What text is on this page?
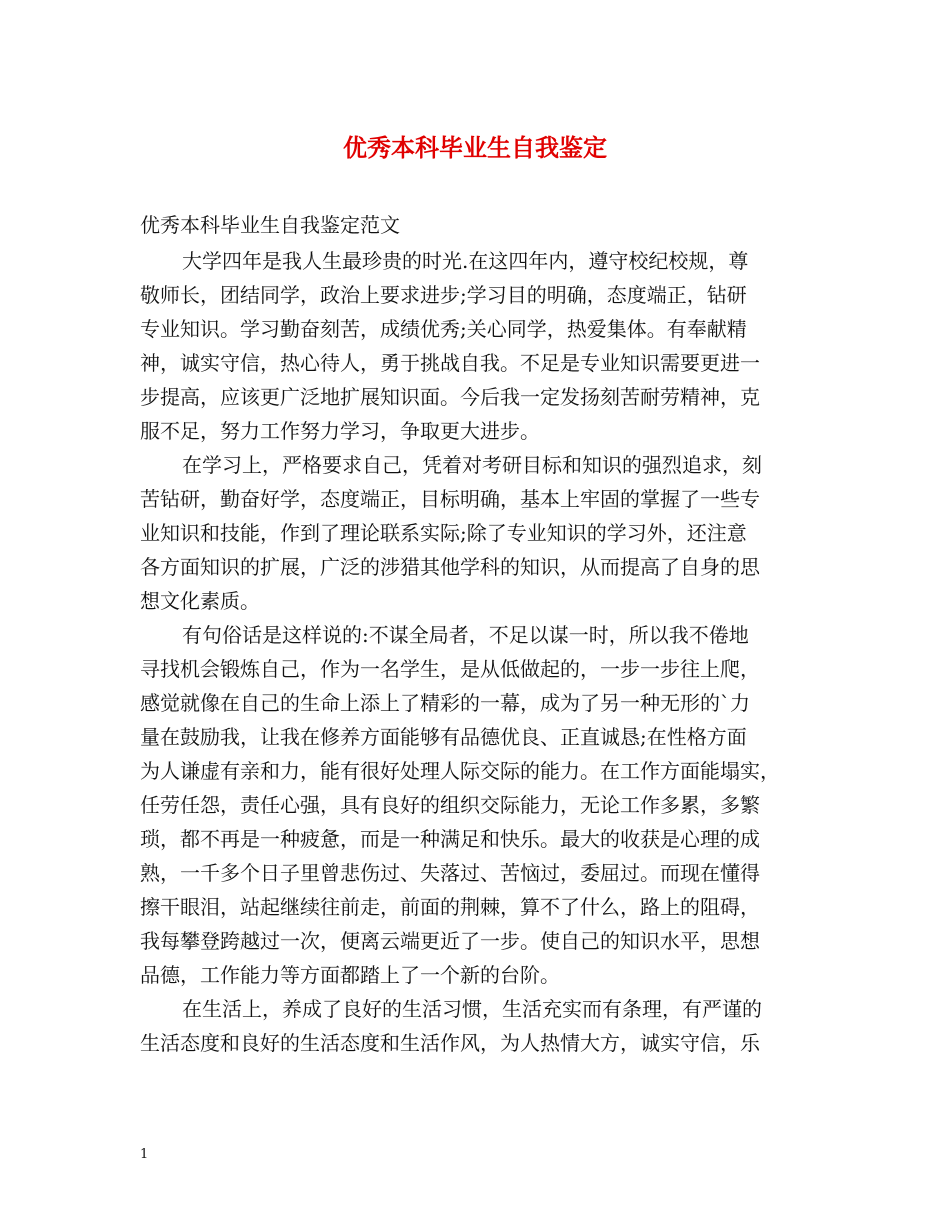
优秀本科毕业生自我鉴定
优秀本科毕业生自我鉴定范文
大学四年是我人生最珍贵的时光.在这四年内，遵守校纪校规，尊
敬师长，团结同学，政治上要求进步;学习目的明确，态度端正，钻研
专业知识。学习勤奋刻苦，成绩优秀;关心同学，热爱集体。有奉献精
神，诚实守信，热心待人，勇于挑战自我。不足是专业知识需要更进一
步提高，应该更广泛地扩展知识面。今后我一定发扬刻苦耐劳精神，克
服不足，努力工作努力学习，争取更大进步。
在学习上，严格要求自己，凭着对考研目标和知识的强烈追求，刻
苦钻研，勤奋好学，态度端正，目标明确，基本上牢固的掌握了一些专
业知识和技能，作到了理论联系实际;除了专业知识的学习外，还注意
各方面知识的扩展，广泛的涉猎其他学科的知识，从而提高了自身的思
想文化素质。
有句俗话是这样说的:不谋全局者，不足以谋一时，所以我不倦地
寻找机会锻炼自己，作为一名学生，是从低做起的，一步一步往上爬，
感觉就像在自己的生命上添上了精彩的一幕，成为了另一种无形的`力
量在鼓励我，让我在修养方面能够有品德优良、正直诚恳;在性格方面
为人谦虚有亲和力，能有很好处理人际交际的能力。在工作方面能塌实，
任劳任怨，责任心强，具有良好的组织交际能力，无论工作多累，多繁
琐，都不再是一种疲惫，而是一种满足和快乐。最大的收获是心理的成
熟，一千多个日子里曾悲伤过、失落过、苦恼过，委屈过。而现在懂得
擦干眼泪，站起继续往前走，前面的荆棘，算不了什么，路上的阻碍，
我每攀登跨越过一次，便离云端更近了一步。使自己的知识水平，思想
品德，工作能力等方面都踏上了一个新的台阶。
在生活上，养成了良好的生活习惯，生活充实而有条理，有严谨的
生活态度和良好的生活态度和生活作风，为人热情大方，诚实守信，乐
1
